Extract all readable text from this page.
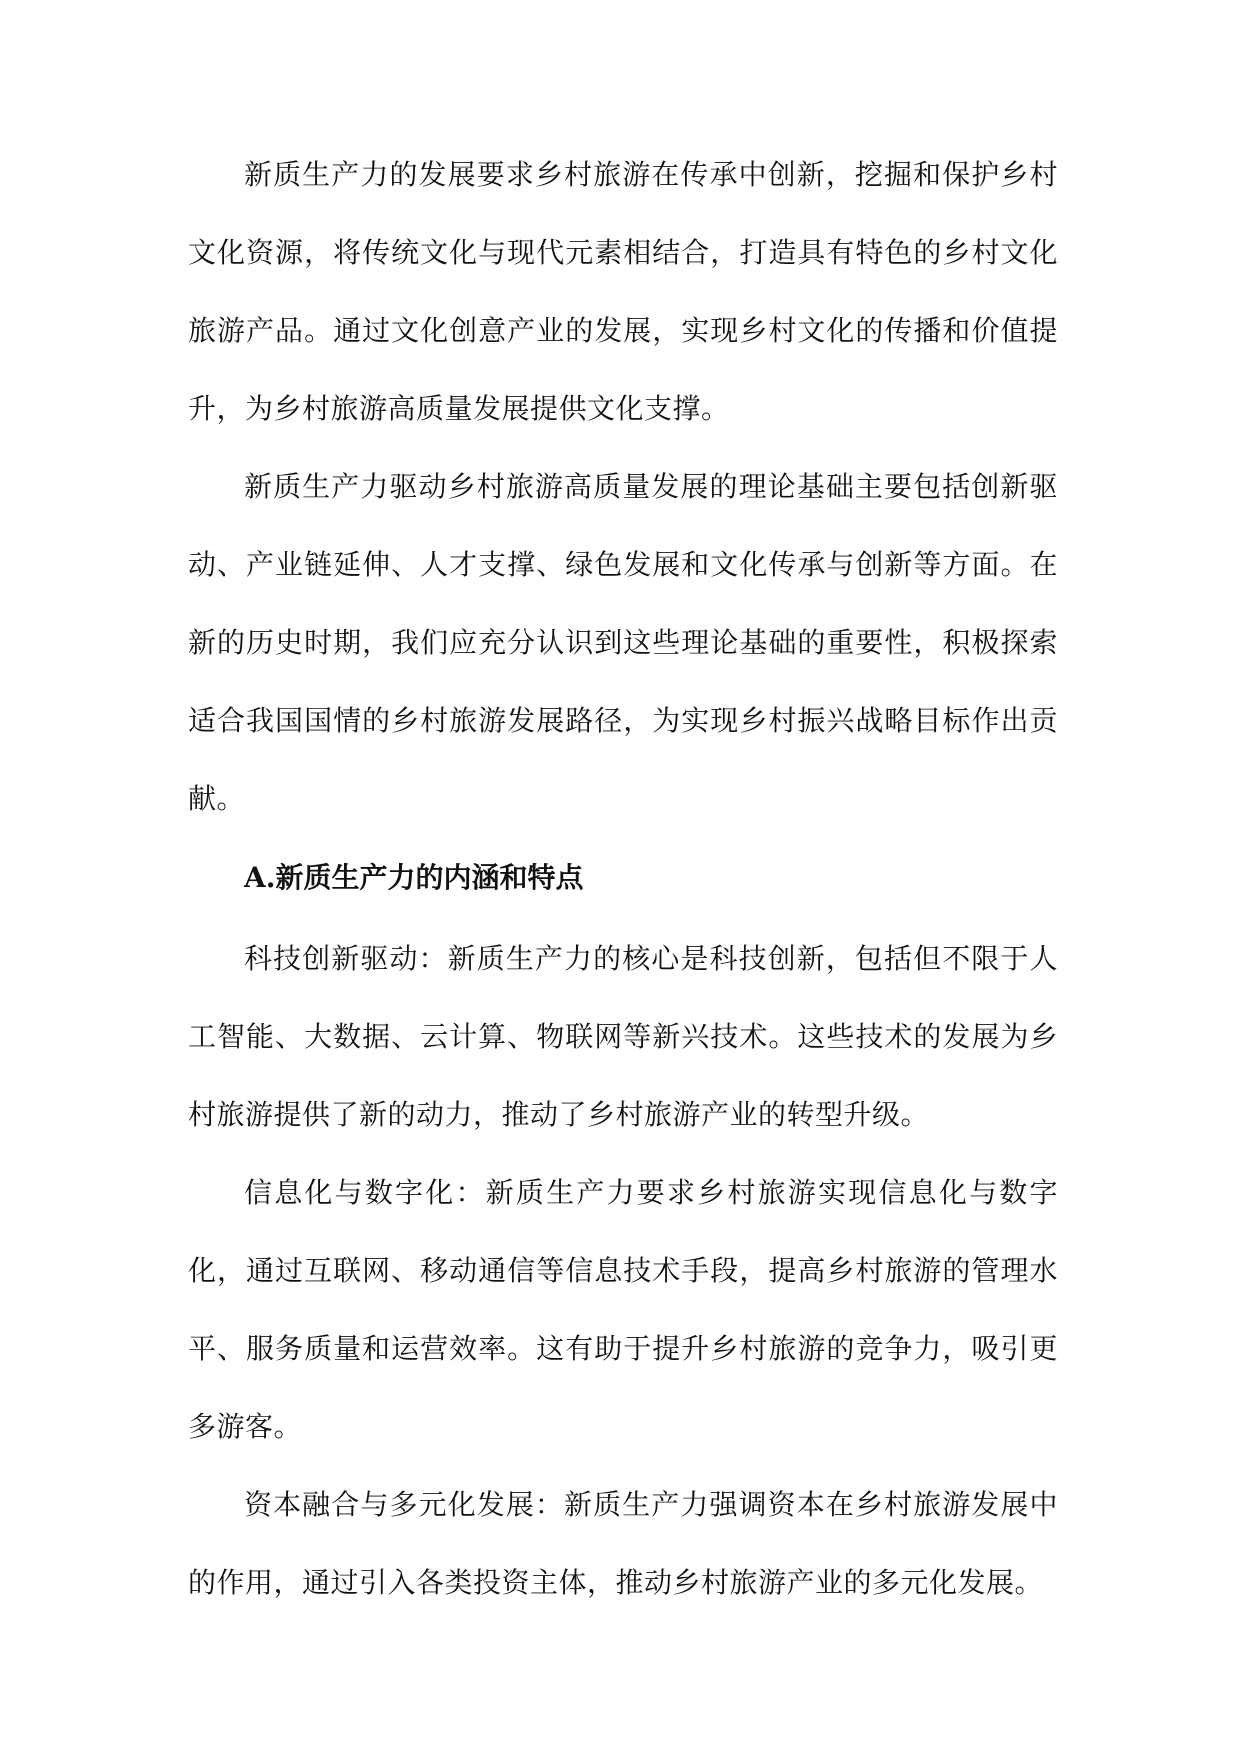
新质生产力的发展要求乡村旅游在传承中创新，挖掘和保护乡村文化资源，将传统文化与现代元素相结合，打造具有特色的乡村文化旅游产品。通过文化创意产业的发展，实现乡村文化的传播和价值提升，为乡村旅游高质量发展提供文化支撑。

新质生产力驱动乡村旅游高质量发展的理论基础主要包括创新驱动、产业链延伸、人才支撑、绿色发展和文化传承与创新等方面。在新的历史时期，我们应充分认识到这些理论基础的重要性，积极探索适合我国国情的乡村旅游发展路径，为实现乡村振兴战略目标作出贡献。

A.新质生产力的内涵和特点

科技创新驱动：新质生产力的核心是科技创新，包括但不限于人工智能、大数据、云计算、物联网等新兴技术。这些技术的发展为乡村旅游提供了新的动力，推动了乡村旅游产业的转型升级。

信息化与数字化：新质生产力要求乡村旅游实现信息化与数字化，通过互联网、移动通信等信息技术手段，提高乡村旅游的管理水平、服务质量和运营效率。这有助于提升乡村旅游的竞争力，吸引更多游客。

资本融合与多元化发展：新质生产力强调资本在乡村旅游发展中的作用，通过引入各类投资主体，推动乡村旅游产业的多元化发展。
